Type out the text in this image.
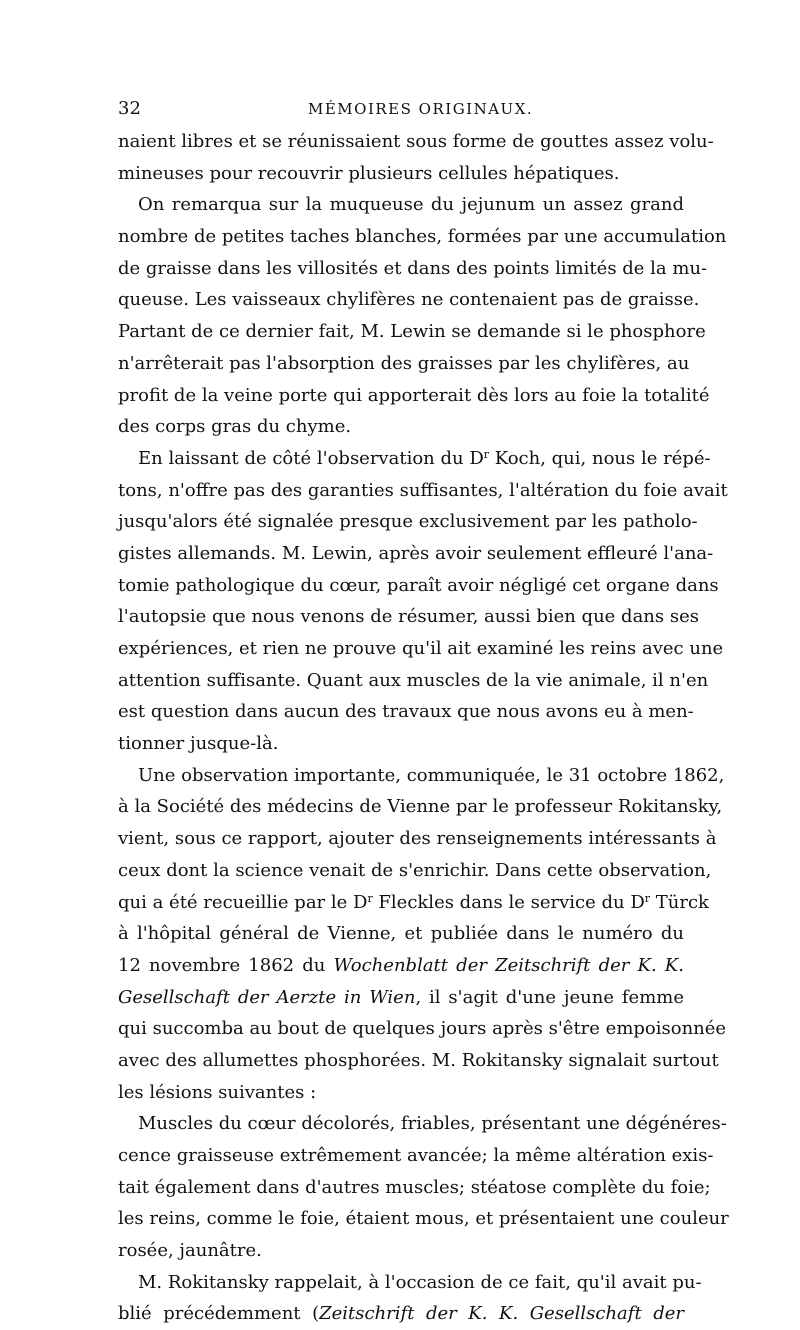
32	MÉMOIRES ORIGINAUX.
naient libres et se réunissaient sous forme de gouttes assez volu-
mineuses pour recouvrir plusieurs cellules hépatiques.
On remarqua sur la muqueuse du jejunum un assez grand
nombre de petites taches blanches, formées par une accumulation
de graisse dans les villosités et dans des points limités de la mu-
queuse. Les vaisseaux chylifères ne contenaient pas de graisse.
Partant de ce dernier fait, M. Lewin se demande si le phosphore
n'arrêterait pas l'absorption des graisses par les chylifères, au
profit de la veine porte qui apporterait dès lors au foie la totalité
des corps gras du chyme.
En laissant de côté l'observation du $D^r$ Koch, qui, nous le répé-
tons, n'offre pas des garanties suffisantes, l'altération du foie avait
jusqu'alors été signalée presque exclusivement par les patholo-
gistes allemands. M. Lewin, après avoir seulement effleuré l'ana-
tomie pathologique du cœur, paraît avoir négligé cet organe dans
l'autopsie que nous venons de résumer, aussi bien que dans ses
expériences, et rien ne prouve qu'il ait examiné les reins avec une
attention suffisante. Quant aux muscles de la vie animale, il n'en
est question dans aucun des travaux que nous avons eu à men-
tionner jusque-là.
Une observation importante, communiquée, le 31 octobre 1862,
à la Société des médecins de Vienne par le professeur Rokitansky,
vient, sous ce rapport, ajouter des renseignements intéressants à
ceux dont la science venait de s'enrichir. Dans cette observation,
qui a été recueillie par le $D^r$ Fleckles dans le service du $D^r$ Türck
à l'hôpital général de Vienne, et publiée dans le numéro du
12 novembre 1862 du Wochenblatt der Zeitschrift der K. K.
Gesellschaft der Aerzte in Wien, il s'agit d'une jeune femme
qui succomba au bout de quelques jours après s'être empoisonnée
avec des allumettes phosphorées. M. Rokitansky signalait surtout
les lésions suivantes :
Muscles du cœur décolorés, friables, présentant une dégénéres-
cence graisseuse extrêmement avancée; la même altération exis-
tait également dans d'autres muscles; stéatose complète du foie;
les reins, comme le foie, étaient mous, et présentaient une couleur
rosée, jaunâtre.
M. Rokitansky rappelait, à l'occasion de ce fait, qu'il avait pu-
blié précédemment (Zeitschrift der K. K. Gesellschaft der
